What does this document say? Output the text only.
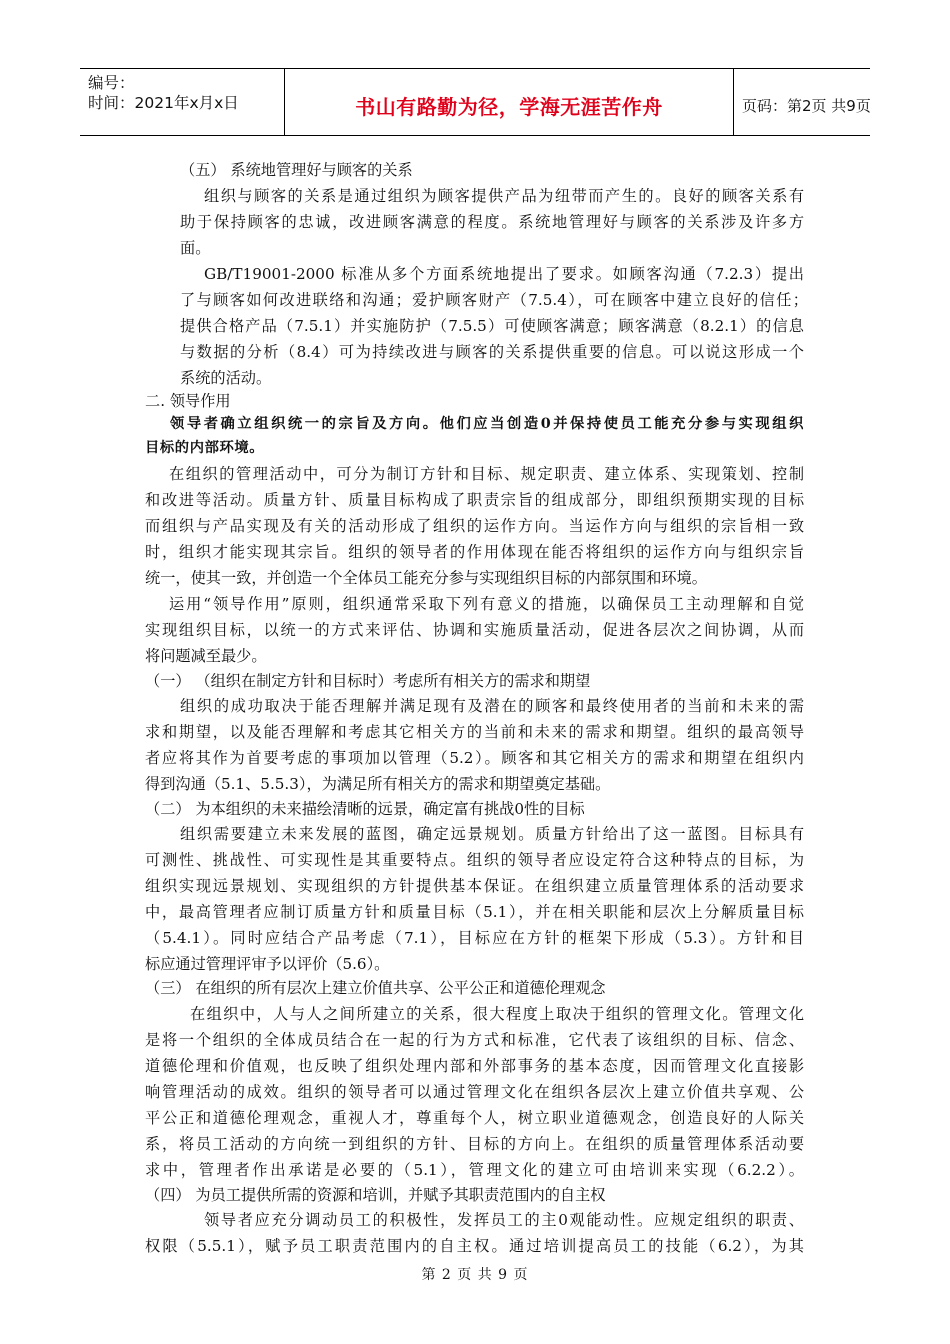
编号：
时间：2021年x月x日	书山有路勤为径，学海无涯苦作舟	页码：第2页 共9页
（五） 系统地管理好与顾客的关系
组织与顾客的关系是通过组织为顾客提供产品为纽带而产生的。良好的顾客关系有
助于保持顾客的忠诚，改进顾客满意的程度。系统地管理好与顾客的关系涉及许多方
面。
GB/T19001-2000 标准从多个方面系统地提出了要求。如顾客沟通（7.2.3）提出
了与顾客如何改进联络和沟通；爱护顾客财产（7.5.4），可在顾客中建立良好的信任；
提供合格产品（7.5.1）并实施防护（7.5.5）可使顾客满意；顾客满意（8.2.1）的信息
与数据的分析（8.4）可为持续改进与顾客的关系提供重要的信息。可以说这形成一个
系统的活动。
二. 领导作用
领导者确立组织统一的宗旨及方向。他们应当创造0并保持使员工能充分参与实现组织
目标的内部环境。
在组织的管理活动中，可分为制订方针和目标、规定职责、建立体系、实现策划、控制
和改进等活动。质量方针、质量目标构成了职责宗旨的组成部分，即组织预期实现的目标
而组织与产品实现及有关的活动形成了组织的运作方向。当运作方向与组织的宗旨相一致
时，组织才能实现其宗旨。组织的领导者的作用体现在能否将组织的运作方向与组织宗旨
统一，使其一致，并创造一个全体员工能充分参与实现组织目标的内部氛围和环境。
运用“领导作用”原则，组织通常采取下列有意义的措施，以确保员工主动理解和自觉
实现组织目标，以统一的方式来评估、协调和实施质量活动，促进各层次之间协调，从而
将问题减至最少。
（一） （组织在制定方针和目标时）考虑所有相关方的需求和期望
组织的成功取决于能否理解并满足现有及潜在的顾客和最终使用者的当前和未来的需
求和期望，以及能否理解和考虑其它相关方的当前和未来的需求和期望。组织的最高领导
者应将其作为首要考虑的事项加以管理（5.2）。顾客和其它相关方的需求和期望在组织内
得到沟通（5.1、5.5.3），为满足所有相关方的需求和期望奠定基础。
（二） 为本组织的未来描绘清晰的远景，确定富有挑战0性的目标
组织需要建立未来发展的蓝图，确定远景规划。质量方针给出了这一蓝图。目标具有
可测性、挑战性、可实现性是其重要特点。组织的领导者应设定符合这种特点的目标，为
组织实现远景规划、实现组织的方针提供基本保证。在组织建立质量管理体系的活动要求
中，最高管理者应制订质量方针和质量目标（5.1），并在相关职能和层次上分解质量目标
（5.4.1）。同时应结合产品考虑（7.1），目标应在方针的框架下形成（5.3）。方针和目
标应通过管理评审予以评价（5.6）。
（三） 在组织的所有层次上建立价值共享、公平公正和道德伦理观念
在组织中，人与人之间所建立的关系，很大程度上取决于组织的管理文化。管理文化
是将一个组织的全体成员结合在一起的行为方式和标准，它代表了该组织的目标、信念、
道德伦理和价值观，也反映了组织处理内部和外部事务的基本态度，因而管理文化直接影
响管理活动的成效。组织的领导者可以通过管理文化在组织各层次上建立价值共享观、公
平公正和道德伦理观念，重视人才，尊重每个人，树立职业道德观念，创造良好的人际关
系，将员工活动的方向统一到组织的方针、目标的方向上。在组织的质量管理体系活动要
求中，管理者作出承诺是必要的（5.1），管理文化的建立可由培训来实现（6.2.2）。
（四） 为员工提供所需的资源和培训，并赋予其职责范围内的自主权
领导者应充分调动员工的积极性，发挥员工的主0观能动性。应规定组织的职责、
权限（5.5.1），赋予员工职责范围内的自主权。通过培训提高员工的技能（6.2），为其
第 2 页 共 9 页
